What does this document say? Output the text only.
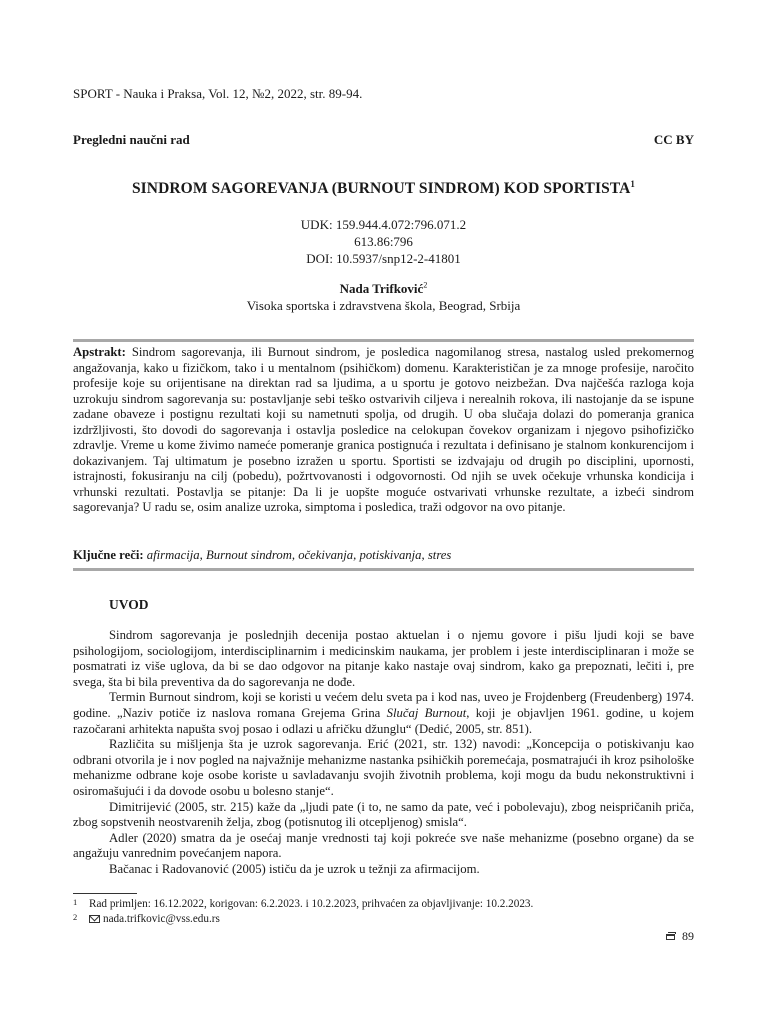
SPORT - Nauka i Praksa, Vol. 12, №2, 2022, str. 89-94.
Pregledni naučni rad	CC BY
SINDROM SAGOREVANJA (BURNOUT SINDROM) KOD SPORTISTA$^1$
UDK: 159.944.4.072:796.071.2
613.86:796
DOI: 10.5937/snp12-2-41801
Nada Trifković$^2$
Visoka sportska i zdravstvena škola, Beograd, Srbija
Apstrakt: Sindrom sagorevanja, ili Burnout sindrom, je posledica nagomilanog stresa, nastalog usled prekomernog angažovanja, kako u fizičkom, tako i u mentalnom (psihičkom) domenu. Karakterističan je za mnoge profesije, naročito profesije koje su orijentisane na direktan rad sa ljudima, a u sportu je gotovo neizbežan. Dva najčešća razloga koja uzrokuju sindrom sagorevanja su: postavljanje sebi teško ostvarivih ciljeva i nerealnih rokova, ili nastojanje da se ispune zadane obaveze i postignu rezultati koji su nametnuti spolja, od drugih. U oba slučaja dolazi do pomeranja granica izdržljivosti, što dovodi do sagorevanja i ostavlja posledice na celokupan čovekov organizam i njegovo psihofizičko zdravlje. Vreme u kome živimo nameće pomeranje granica postignuća i rezultata i definisano je stalnom konkurencijom i dokazivanjem. Taj ultimatum je posebno izražen u sportu. Sportisti se izdvajaju od drugih po disciplini, upornosti, istrajnosti, fokusiranju na cilj (pobedu), požrtvovanosti i odgovornosti. Od njih se uvek očekuje vrhunska kondicija i vrhunski rezultati. Postavlja se pitanje: Da li je uopšte moguće ostvarivati vrhunske rezultate, a izbeći sindrom sagorevanja? U radu se, osim analize uzroka, simptoma i posledica, traži odgovor na ovo pitanje.
Ključne reči: afirmacija, Burnout sindrom, očekivanja, potiskivanja, stres
UVOD

Sindrom sagorevanja je poslednjih decenija postao aktuelan i o njemu govore i pišu ljudi koji se bave psihologijom, sociologijom, interdisciplinarnim i medicinskim naukama, jer problem i jeste interdisciplinaran i može se posmatrati iz više uglova, da bi se dao odgovor na pitanje kako nastaje ovaj sindrom, kako ga prepoznati, lečiti i, pre svega, šta bi bila preventiva da do sagorevanja ne dođe.

Termin Burnout sindrom, koji se koristi u većem delu sveta pa i kod nas, uveo je Frojdenberg (Freudenberg) 1974. godine. „Naziv potiče iz naslova romana Grejema Grina Slučaj Burnout, koji je objavljen 1961. godine, u kojem razočarani arhitekta napušta svoj posao i odlazi u afričku džunglu“ (Dedić, 2005, str. 851).

Različita su mišljenja šta je uzrok sagorevanja. Erić (2021, str. 132) navodi: „Koncepcija o potiskivanju kao odbrani otvorila je i nov pogled na najvažnije mehanizme nastanka psihičkih poremećaja, posmatrajući ih kroz psihološke mehanizme odbrane koje osobe koriste u savladavanju svojih životnih problema, koji mogu da budu nekonstruktivni i osiromašujući i da dovode osobu u bolesno stanje“.

Dimitrijević (2005, str. 215) kaže da „ljudi pate (i to, ne samo da pate, već i pobolevaju), zbog neispričanih priča, zbog sopstvenih neostvarenih želja, zbog (potisnutog ili otcepljenog) smisla“.

Adler (2020) smatra da je osećaj manje vrednosti taj koji pokreće sve naše mehanizme (posebno organe) da se angažuju vanrednim povećanjem napora.

Bačanac i Radovanović (2005) ističu da je uzrok u težnji za afirmacijom.

1 Rad primljen: 16.12.2022, korigovan: 6.2.2023. i 10.2.2023, prihvaćen za objavljivanje: 10.2.2023.
2 nada.trifkovic@vss.edu.rs
89
